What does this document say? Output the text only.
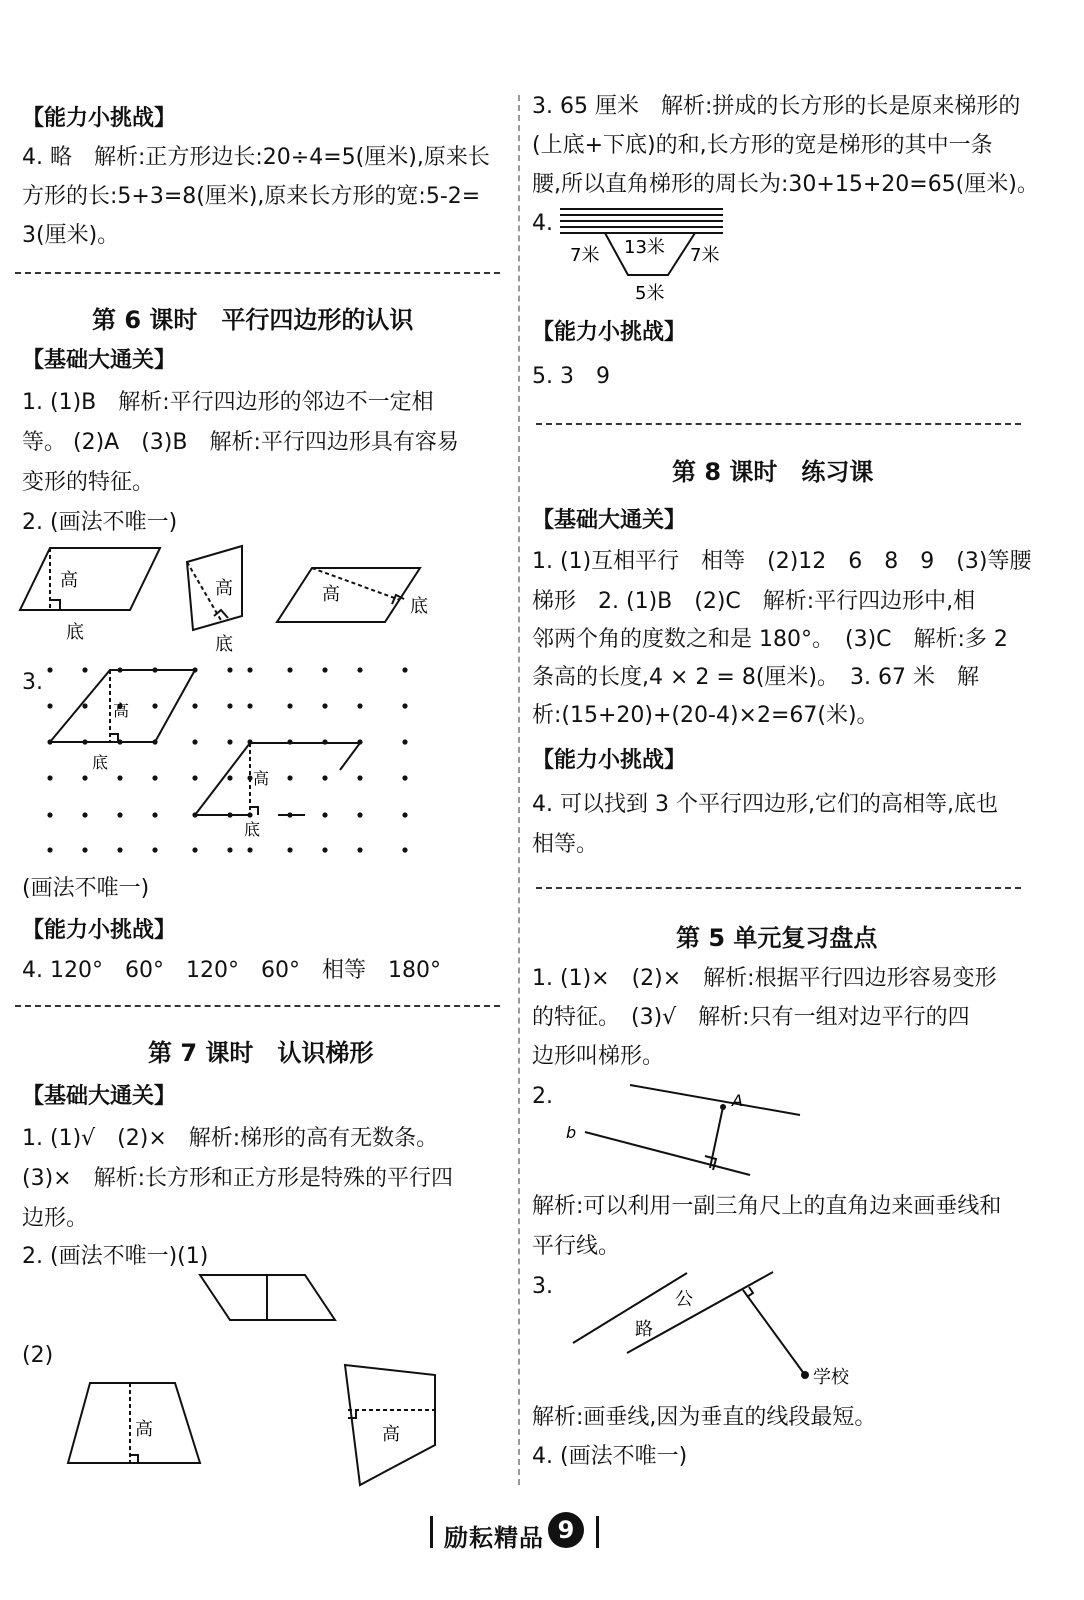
【能力小挑战】
4. 略　解析:正方形边长:20÷4=5(厘米),原来长
方形的长:5+3=8(厘米),原来长方形的宽:5-2=
3(厘米)。
第 6 课时　平行四边形的认识
【基础大通关】
1. (1)B　解析:平行四边形的邻边不一定相
等。 (2)A　(3)B　解析:平行四边形具有容易
变形的特征。
2. (画法不唯一)
高
底
高
底
高
底
3.
高
底
高
底
(画法不唯一)
【能力小挑战】
4. 120°　60°　120°　60°　相等　180°
第 7 课时　认识梯形
【基础大通关】
1. (1)√　(2)×　解析:梯形的高有无数条。
(3)×　解析:长方形和正方形是特殊的平行四
边形。
2. (画法不唯一)(1)
(2)
高	高
3. 65 厘米　解析:拼成的长方形的长是原来梯形的
(上底+下底)的和,长方形的宽是梯形的其中一条
腰,所以直角梯形的周长为:30+15+20=65(厘米)。
4.
7米 13米 7米
5米
【能力小挑战】
5. 3　9
第 8 课时　练习课
【基础大通关】
1. (1)互相平行　相等　(2)12　6　8　9　(3)等腰
梯形　2. (1)B　(2)C　解析:平行四边形中,相
邻两个角的度数之和是 180°。　(3)C　解析:多 2
条高的长度,4 × 2 = 8(厘米)。　3. 67 米　解
析:(15+20)+(20-4)×2=67(米)。
【能力小挑战】
4. 可以找到 3 个平行四边形,它们的高相等,底也
相等。
第 5 单元复习盘点
1. (1)×　(2)×　解析:根据平行四边形容易变形
的特征。　(3)√　解析:只有一组对边平行的四
边形叫梯形。
2.	A
b
解析:可以利用一副三角尺上的直角边来画垂线和
平行线。
3.
路
公
学校
解析:画垂线,因为垂直的线段最短。
4. (画法不唯一)
励耘精品 9
